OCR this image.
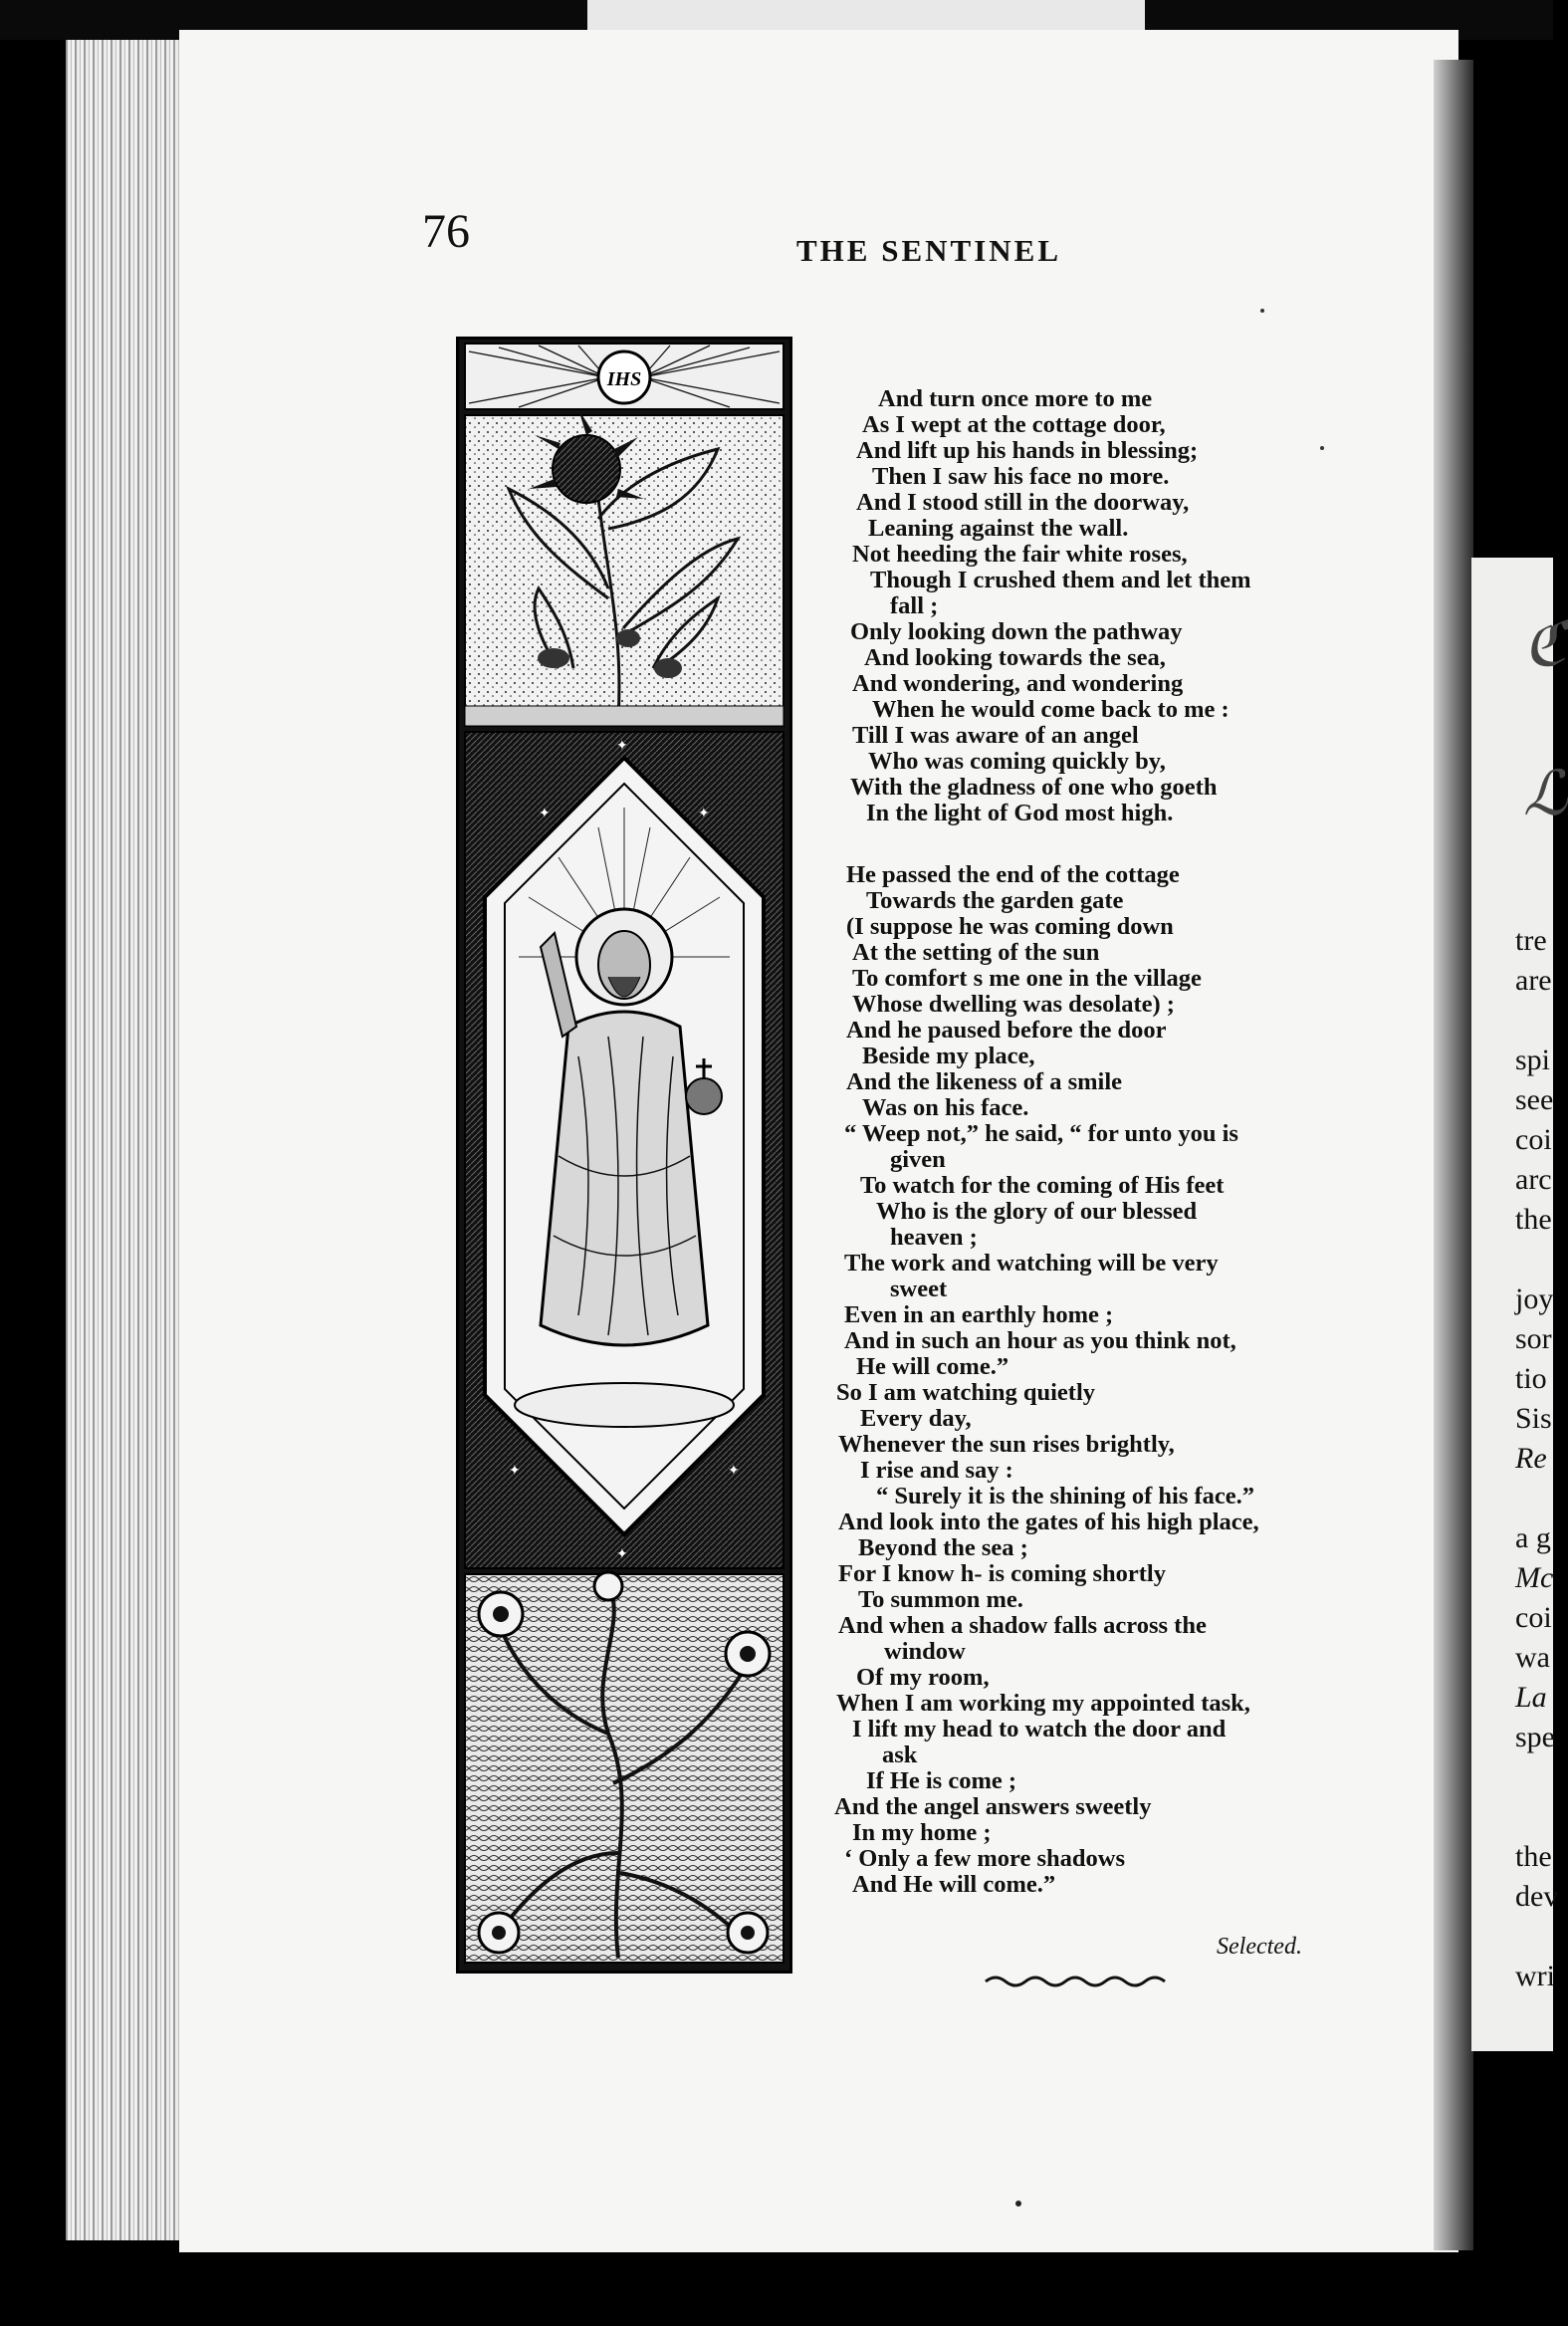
ℭ
ℒ
tre
are
spi
see
coi
arc
the
joy
sor
tio
Sis
Re
a g
Mc
coi
wa
La
spe
the
dev
wri
76	THE SENTINEL
IHS
✦	✦
✦	✦
✦
✦
And turn once more to me
As I wept at the cottage door,
And lift up his hands in blessing;
Then I saw his face no more.
And I stood still in the doorway,
Leaning against the wall.
Not heeding the fair white roses,
Though I crushed them and let them
fall ;
Only looking down the pathway
And looking towards the sea,
And wondering, and wondering
When he would come back to me :
Till I was aware of an angel
Who was coming quickly by,
With the gladness of one who goeth
In the light of God most high.
He passed the end of the cottage
Towards the garden gate
(I suppose he was coming down
At the setting of the sun
To comfort s me one in the village
Whose dwelling was desolate) ;
And he paused before the door
Beside my place,
And the likeness of a smile
Was on his face.
“ Weep not,” he said, “ for unto you is
given
To watch for the coming of His feet
Who is the glory of our blessed
heaven ;
The work and watching will be very
sweet
Even in an earthly home ;
And in such an hour as you think not,
He will come.”
So I am watching quietly
Every day,
Whenever the sun rises brightly,
I rise and say :
“ Surely it is the shining of his face.”
And look into the gates of his high place,
Beyond the sea ;
For I know h- is coming shortly
To summon me.
And when a shadow falls across the
window
Of my room,
When I am working my appointed task,
I lift my head to watch the door and
ask
If He is come ;
And the angel answers sweetly
In my home ;
‘ Only a few more shadows
And He will come.”
Selected.
